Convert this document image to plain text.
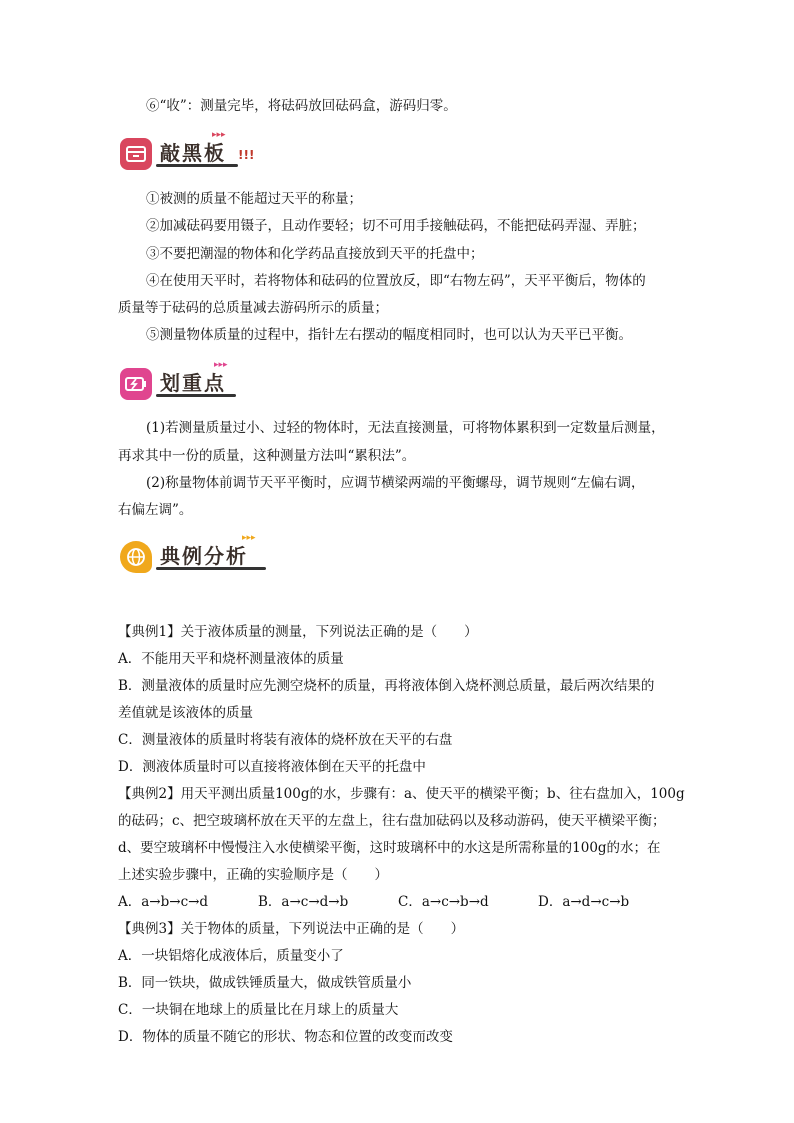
⑥“收”：测量完毕，将砝码放回砝码盒，游码归零。
敲黑板
▸▸▸
!!!
①被测的质量不能超过天平的称量；
②加减砝码要用镊子，且动作要轻；切不可用手接触砝码，不能把砝码弄湿、弄脏；
③不要把潮湿的物体和化学药品直接放到天平的托盘中；
④在使用天平时，若将物体和砝码的位置放反，即“右物左码”，天平平衡后，物体的
质量等于砝码的总质量减去游码所示的质量；
⑤测量物体质量的过程中，指针左右摆动的幅度相同时，也可以认为天平已平衡。
划重点
▸▸▸
(1)若测量质量过小、过轻的物体时，无法直接测量，可将物体累积到一定数量后测量，
再求其中一份的质量，这种测量方法叫“累积法”。
(2)称量物体前调节天平平衡时，应调节横梁两端的平衡螺母，调节规则“左偏右调，
右偏左调”。
典例分析
▸▸▸
【典例1】关于液体质量的测量，下列说法正确的是（　　）
A．不能用天平和烧杯测量液体的质量
B．测量液体的质量时应先测空烧杯的质量，再将液体倒入烧杯测总质量，最后两次结果的
差值就是该液体的质量
C．测量液体的质量时将装有液体的烧杯放在天平的右盘
D．测液体质量时可以直接将液体倒在天平的托盘中
【典例2】用天平测出质量100g的水，步骤有：a、使天平的横梁平衡；b、往右盘加入，100g
的砝码；c、把空玻璃杯放在天平的左盘上，往右盘加砝码以及移动游码，使天平横梁平衡；
d、要空玻璃杯中慢慢注入水使横梁平衡，这时玻璃杯中的水这是所需称量的100g的水；在
上述实验步骤中，正确的实验顺序是（　　）
A．a→b→c→d	B．a→c→d→b	C．a→c→b→d	D．a→d→c→b
【典例3】关于物体的质量，下列说法中正确的是（　　）
A．一块铝熔化成液体后，质量变小了
B．同一铁块，做成铁锤质量大，做成铁管质量小
C．一块铜在地球上的质量比在月球上的质量大
D．物体的质量不随它的形状、物态和位置的改变而改变
